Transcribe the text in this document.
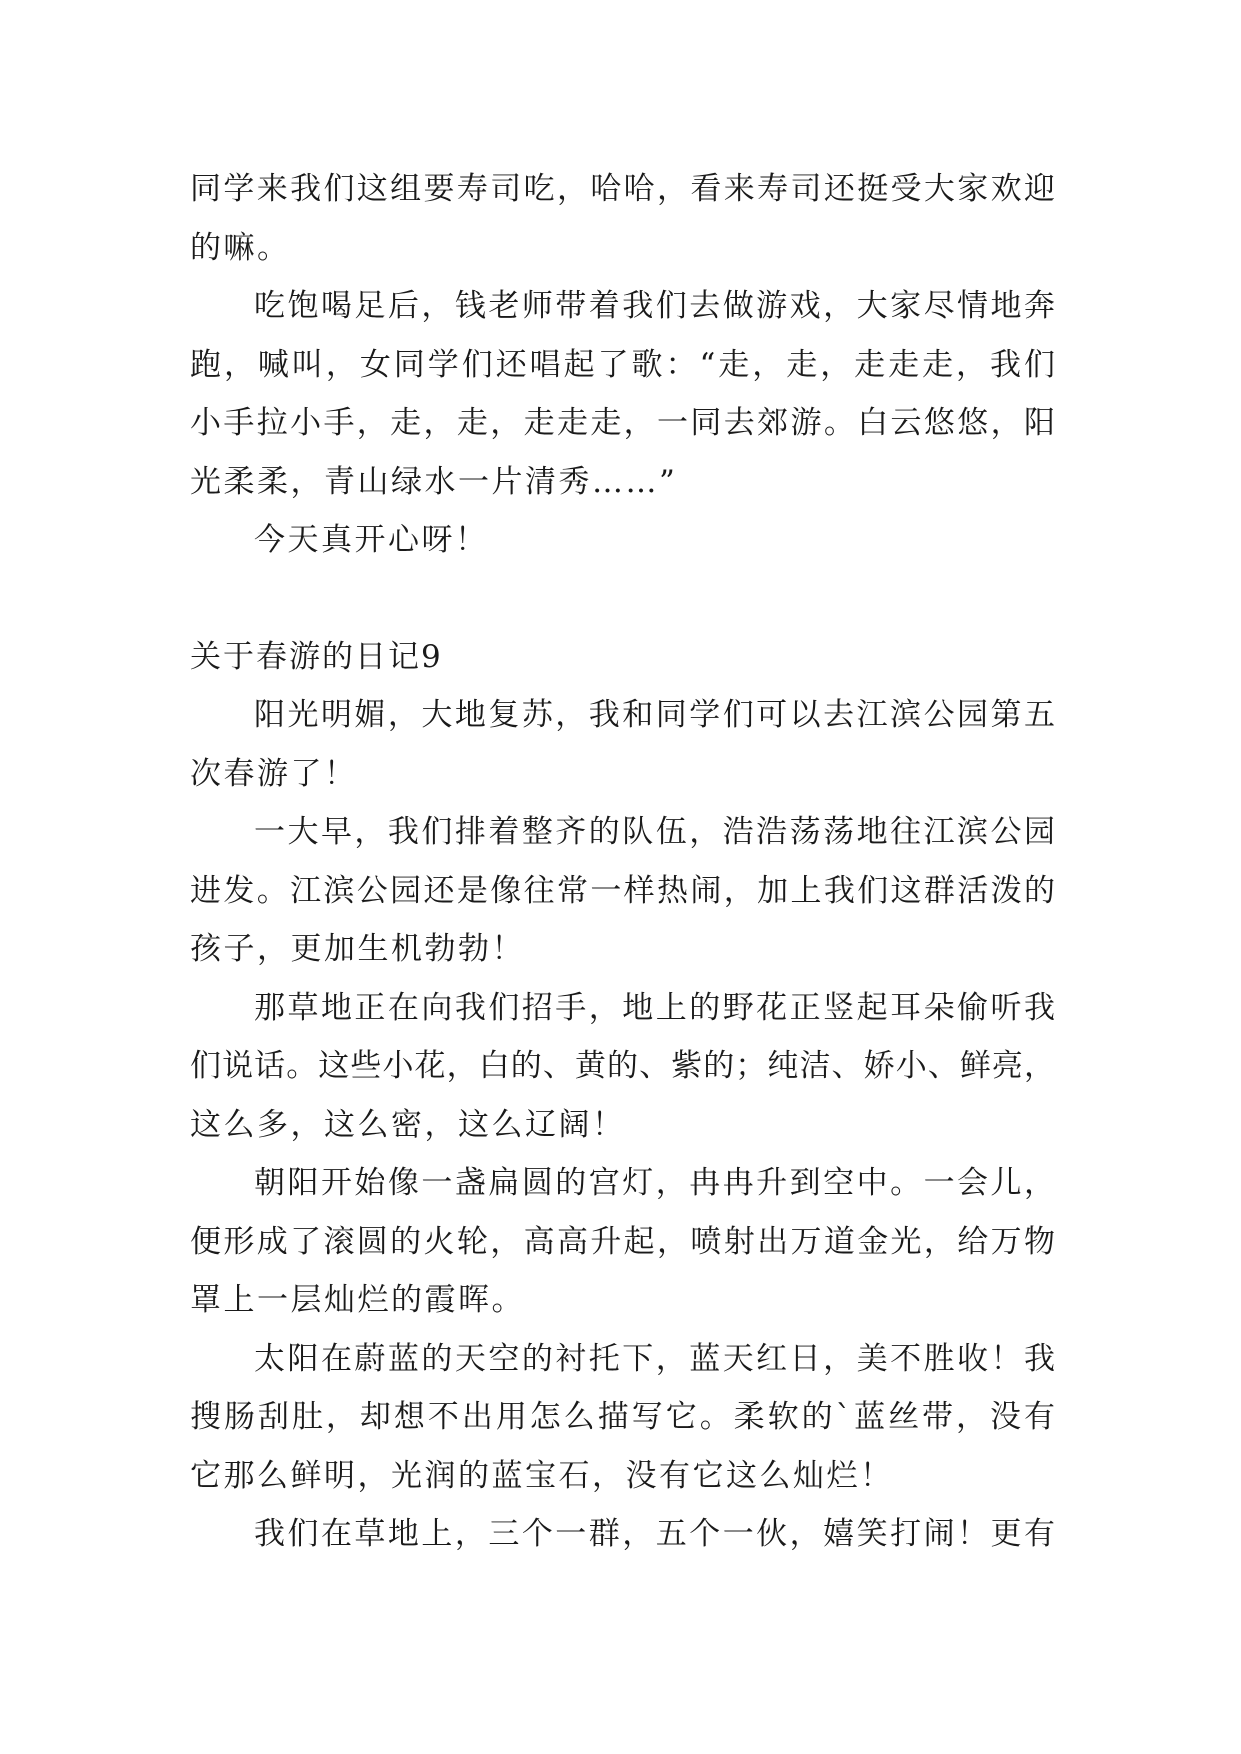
同学来我们这组要寿司吃，哈哈，看来寿司还挺受大家欢迎
的嘛。
吃饱喝足后，钱老师带着我们去做游戏，大家尽情地奔
跑，喊叫，女同学们还唱起了歌：“走，走，走走走，我们
小手拉小手，走，走，走走走，一同去郊游。白云悠悠，阳
光柔柔，青山绿水一片清秀……”
今天真开心呀！
关于春游的日记9
阳光明媚，大地复苏，我和同学们可以去江滨公园第五
次春游了！
一大早，我们排着整齐的队伍，浩浩荡荡地往江滨公园
进发。江滨公园还是像往常一样热闹，加上我们这群活泼的
孩子，更加生机勃勃！
那草地正在向我们招手，地上的野花正竖起耳朵偷听我
们说话。这些小花，白的、黄的、紫的；纯洁、娇小、鲜亮，
这么多，这么密，这么辽阔！
朝阳开始像一盏扁圆的宫灯，冉冉升到空中。一会儿，
便形成了滚圆的火轮，高高升起，喷射出万道金光，给万物
罩上一层灿烂的霞晖。
太阳在蔚蓝的天空的衬托下，蓝天红日，美不胜收！我
搜肠刮肚，却想不出用怎么描写它。柔软的`蓝丝带，没有
它那么鲜明，光润的蓝宝石，没有它这么灿烂！
我们在草地上，三个一群，五个一伙，嬉笑打闹！更有
